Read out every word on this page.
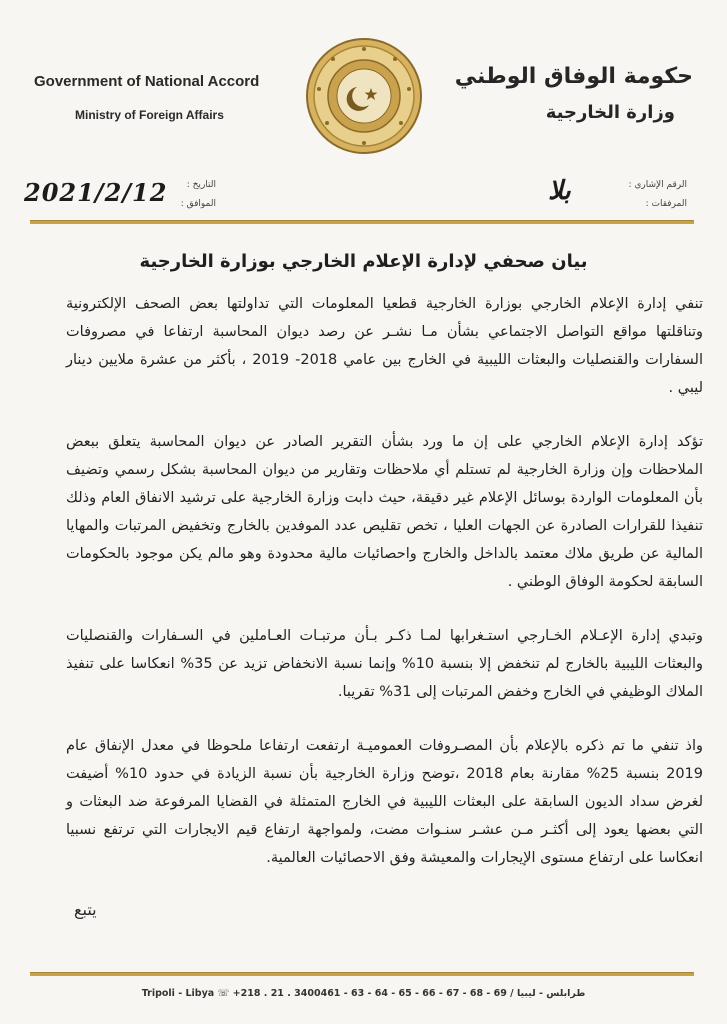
Government of National Accord
Ministry of Foreign Affairs
حكومة الوفاق الوطني
وزارة الخارجية
التاريخ :
الموافق :
2021/2/12	الرقم الإشاري :
المرفقات :
بلا
بيان صحفي لإدارة الإعلام الخارجي بوزارة الخارجية

تنفي إدارة الإعلام الخارجي بوزارة الخارجية قطعيا المعلومات التي تداولتها بعض الصحف الإلكترونية وتناقلتها مواقع التواصل الاجتماعي بشأن مـا نشـر عن رصد ديوان المحاسبة ارتفاعا في مصروفات السفارات والقنصليات والبعثات الليبية في الخارج بين عامي 2018- 2019 ، بأكثر من عشرة ملايين دينار ليبي .

تؤكد إدارة الإعلام الخارجي على إن ما ورد بشأن التقرير الصادر عن ديوان المحاسبة يتعلق ببعض الملاحظات وإن وزارة الخارجية لم تستلم أي ملاحظات وتقارير من ديوان المحاسبة بشكل رسمي وتضيف بأن المعلومات الواردة بوسائل الإعلام غير دقيقة، حيث دابت وزارة الخارجية على ترشيد الانفاق العام وذلك تنفيذا للقرارات الصادرة عن الجهات العليا ، تخص تقليص عدد الموفدين بالخارج وتخفيض المرتبات والمهايا المالية عن طريق ملاك معتمد بالداخل والخارج واحصائيات مالية محدودة وهو مالم يكن موجود بالحكومات السابقة لحكومة الوفاق الوطني .

وتبدي إدارة الإعـلام الخـارجي استـغرابها لمـا ذكـر بـأن مرتبـات العـاملين في السـفارات والقنصليات والبعثات الليبية بالخارج لم تنخفض إلا بنسبة 10% وإنما نسبة الانخفاض تزيد عن 35% انعكاسا على تنفيذ الملاك الوظيفي في الخارج وخفض المرتبات إلى 31% تقريبا.

واذ تنفي ما تم ذكره بالإعلام بأن المصـروفات العموميـة ارتفعت ارتفاعا ملحوظا في معدل الإنفاق عام 2019 بنسبة 25% مقارنة بعام 2018 ،توضح وزارة الخارجية بأن نسبة الزيادة في حدود 10% أضيفت لغرض سداد الديون السابقة على البعثات الليبية في الخارج المتمثلة في القضايا المرفوعة ضد البعثات و التي بعضها يعود إلى أكثـر مـن عشـر سنـوات مضت، ولمواجهة ارتفاع قيم الايجارات التي ترتفع نسبيا انعكاسا على ارتفاع مستوى الإيجارات والمعيشة وفق الاحصائيات العالمية.

يتبع
Tripoli - Libya ☏ +218 . 21 . 3400461 - 63 - 64 - 65 - 66 - 67 - 68 - 69 / طرابلس - ليبيا
